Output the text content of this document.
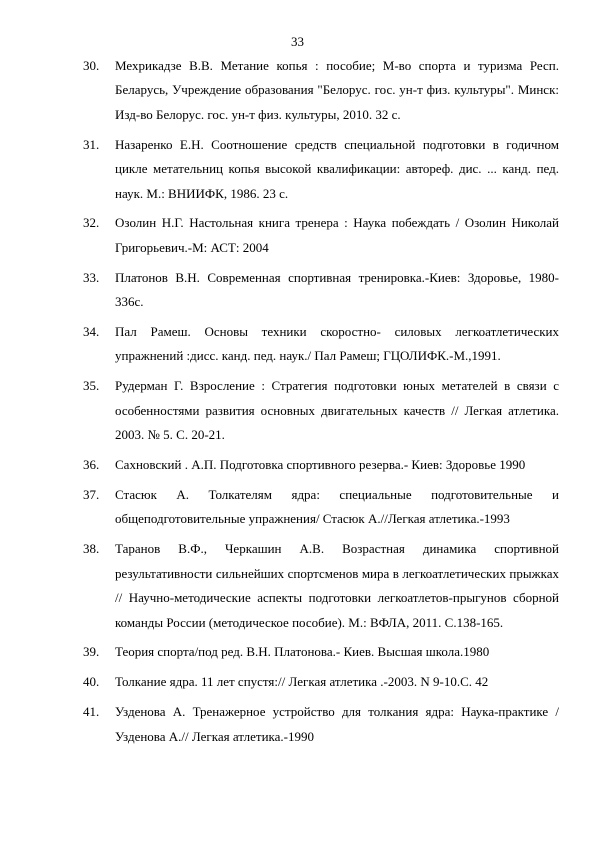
33
30. Мехрикадзе В.В. Метание копья : пособие; М-во спорта и туризма Респ. Беларусь, Учреждение образования "Белорус. гос. ун-т физ. культуры". Минск: Изд-во Белорус. гос. ун-т физ. культуры, 2010. 32 с.
31. Назаренко Е.Н. Соотношение средств специальной подготовки в годичном цикле метательниц копья высокой квалификации: автореф. дис. ... канд. пед. наук. М.: ВНИИФК, 1986. 23 с.
32. Озолин Н.Г. Настольная книга тренера : Наука побеждать / Озолин Николай Григорьевич.-М: АСТ: 2004
33. Платонов В.Н. Современная спортивная тренировка.-Киев: Здоровье, 1980-336с.
34. Пал Рамеш. Основы техники скоростно- силовых легкоатлетических упражнений :дисс. канд. пед. наук./ Пал Рамеш; ГЦОЛИФК.-М.,1991.
35. Рудерман Г. Взросление : Стратегия подготовки юных метателей в связи с особенностями развития основных двигательных качеств // Легкая атлетика. 2003. № 5. С. 20-21.
36. Сахновский . А.П. Подготовка спортивного резерва.- Киев: Здоровье 1990
37. Стасюк А. Толкателям ядра: специальные подготовительные и общеподготовительные упражнения/ Стасюк А.//Легкая атлетика.-1993
38. Таранов В.Ф., Черкашин А.В. Возрастная динамика спортивной результативности сильнейших спортсменов мира в легкоатлетических прыжках // Научно-методические аспекты подготовки легкоатлетов-прыгунов сборной команды России (методическое пособие). М.: ВФЛА, 2011. С.138-165.
39. Теория спорта/под ред. В.Н. Платонова.- Киев. Высшая школа.1980
40. Толкание ядра. 11 лет спустя:// Легкая атлетика .-2003. N 9-10.С. 42
41. Узденова А. Тренажерное устройство для толкания ядра: Наука-практике / Узденова А.// Легкая атлетика.-1990
